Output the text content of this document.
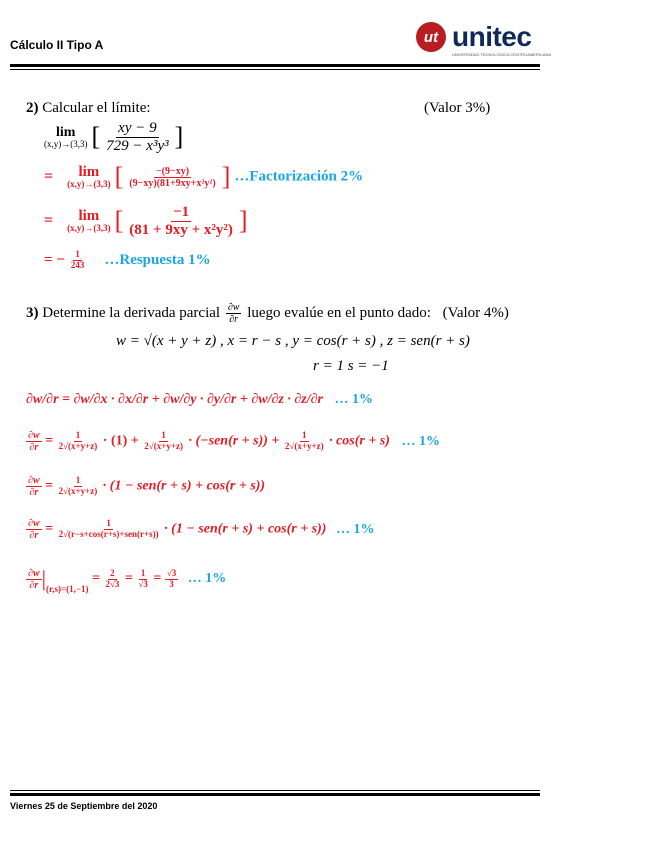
Cálculo II Tipo A	ut unitec
UNIVERSIDAD TECNOLÓGICA CENTROAMERICANA
2) Calcular el límite:	(Valor 3%)
lim
(x,y)→(3,3) [ $\frac{xy - 9}{\text{729 − x³y³}}$ ]
= lim
(x,y)→(3,3) [ $\frac{-(9-xy)}{\text{(9−xy)(81+9xy+x²y²)}}$ ] …Factorización 2%
= lim
(x,y)→(3,3) [ $\frac{-1}{\text{(81 + 9xy + x²y²)}}$ ]
= − $\frac{1}{243}$ …Respuesta 1%
3) Determine la derivada parcial $\frac{\partial w}{\partial r}$ luego evalúe en el punto dado: (Valor 4%)
w = √(x + y + z) , x = r − s , y = cos(r + s) , z = sen(r + s)
r = 1 s = −1
∂w/∂r = ∂w/∂x · ∂x/∂r + ∂w/∂y · ∂y/∂r + ∂w/∂z · ∂z/∂r … 1%
$\frac{\partial w}{\partial r} = \frac{1}{2√(x+y+z)} \cdot (1) + \frac{1}{2√(x+y+z)} \cdot (-sen(r + s)) + \frac{1}{2√(x+y+z)} \cdot \cos(r + s)$ … 1%
$\frac{\partial w}{\partial r} = \frac{1}{2√(x+y+z)} \cdot (1 - sen(r + s) + \cos(r + s))$
$\frac{\partial w}{\partial r} = \frac{1}{\text{2√(r−s+cos(r+s)+sen(r+s))}} \cdot (1 - sen(r + s) + \cos(r + s))$ … 1%
$\frac{\partial w}{\partial r} |_{(r,s)=(1,-1)} = \frac{2}{2√3} = \frac{1}{√3} = \frac{√3}{3}$ … 1%
Viernes 25 de Septiembre del 2020
